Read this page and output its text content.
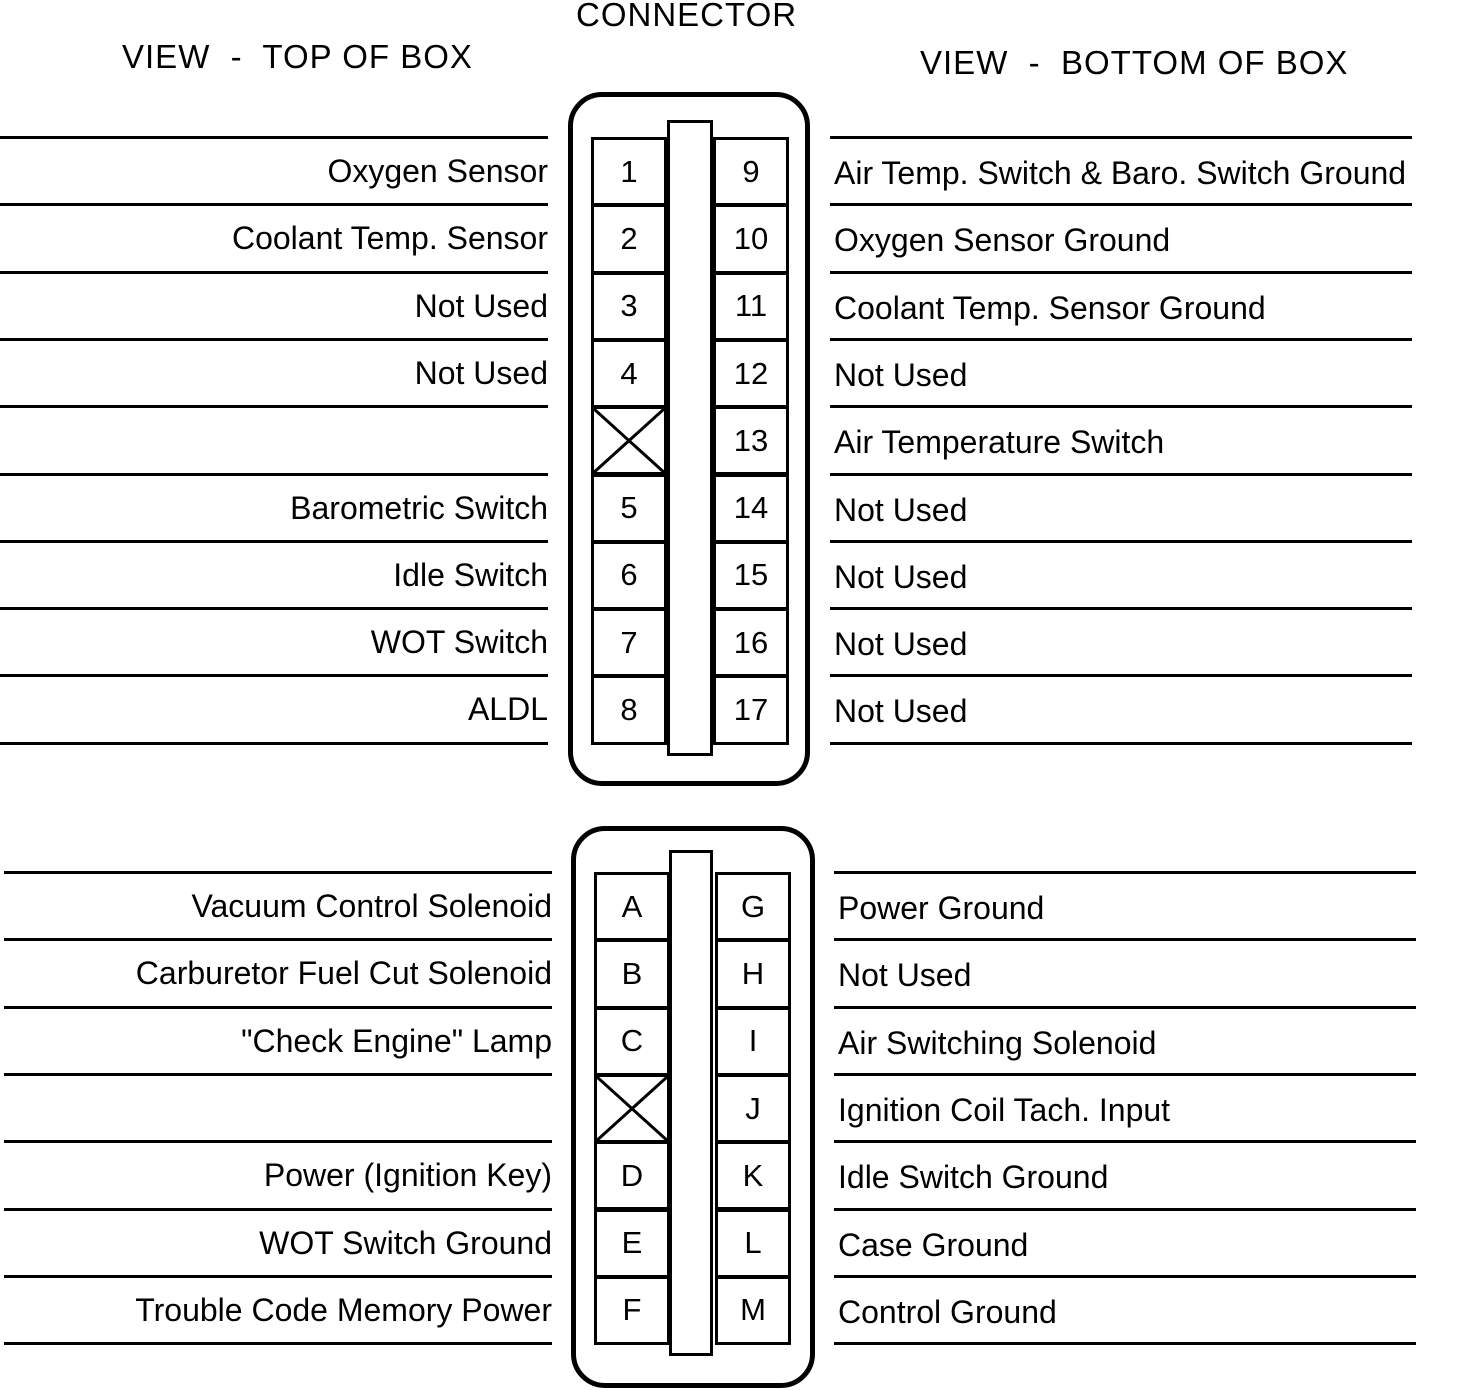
CONNECTOR
VIEW  -  TOP OF BOX	VIEW  -  BOTTOM OF BOX
1
Oxygen Sensor
2
Coolant Temp. Sensor
3
Not Used
4
Not Used
5
Barometric Switch
6
Idle Switch
7
WOT Switch
8
ALDL
9 Air Temp. Switch & Baro. Switch Ground
10 Oxygen Sensor Ground
11 Coolant Temp. Sensor Ground
12 Not Used
13 Air Temperature Switch
14 Not Used
15 Not Used
16 Not Used
17 Not Used
A
Vacuum Control Solenoid
B
Carburetor Fuel Cut Solenoid
C
"Check Engine" Lamp
D
Power (Ignition Key)
E
WOT Switch Ground
F
Trouble Code Memory Power
G Power Ground
H Not Used
I	Air Switching Solenoid
J Ignition Coil Tach. Input
K Idle Switch Ground
L Case Ground
M Control Ground
